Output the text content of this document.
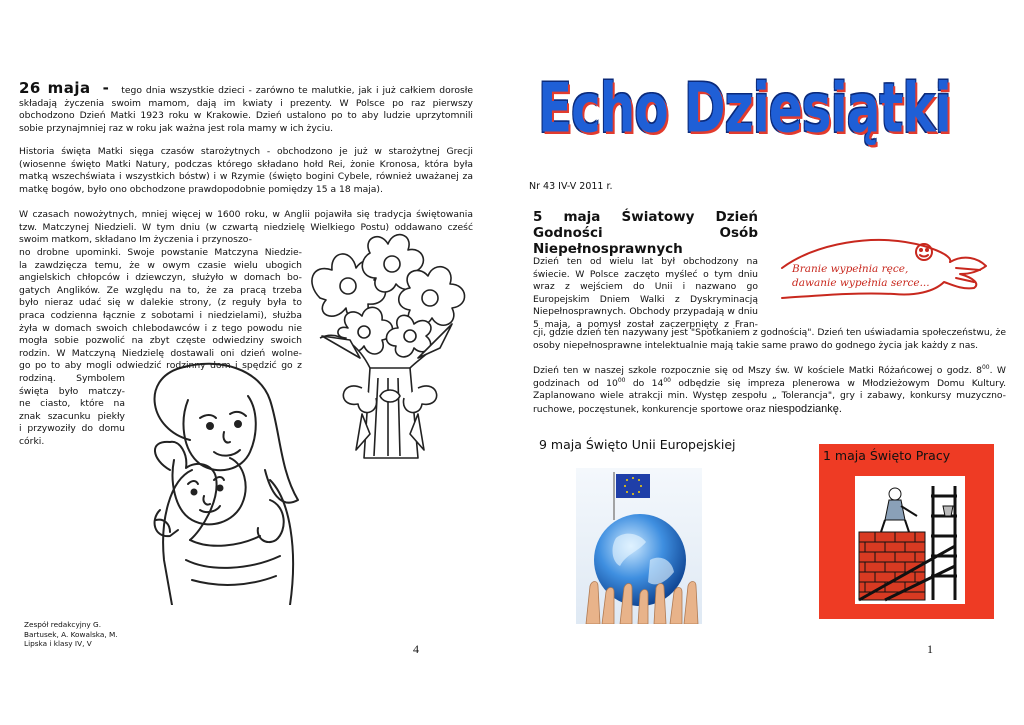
26 maja - tego dnia wszystkie dzieci - zarówno te malutkie, jak i już całkiem dorosłe składają życzenia swoim mamom, dają im kwiaty i prezenty. W Polsce po raz pierwszy obchodzono Dzień Matki 1923 roku w Krakowie. Dzień ustalono po to aby ludzie uprzytomnili sobie przynajmniej raz w roku jak ważna jest rola mamy w ich życiu.

Historia święta Matki sięga czasów starożytnych - obchodzono je już w starożytnej Grecji (wiosenne święto Matki Natury, podczas którego składano hołd Rei, żonie Kronosa, która była matką wszechświata i wszystkich bóstw) i w Rzymie (święto bogini Cybele, również uważanej za matkę bogów, było ono obchodzone prawdopodobnie pomiędzy 15 a 18 maja).

W czasach nowożytnych, mniej więcej w 1600 roku, w Anglii pojawiła się tradycja świętowania tzw. Matczynej Niedzieli. W tym dniu (w czwartą niedzielę Wielkiego Postu) oddawano cześć swoim matkom, składano Im życzenia i przynoszo-

no drobne upominki. Swoje powstanie Matczyna Niedzie-
la zawdzięcza temu, że w owym czasie wielu ubogich
angielskich chłopców i dziewczyn, służyło w domach bo-
gatych Anglików. Ze względu na to, że za pracą trzeba
było nieraz udać się w dalekie strony, (z reguły była to
praca codzienna łącznie z sobotami i niedzielami), służba
żyła w domach swoich chlebodawców i z tego powodu nie
mogła sobie pozwolić na zbyt częste odwiedziny swoich
rodzin. W Matczyną Niedzielę dostawali oni dzień wolne-
go po to aby mogli odwiedzić rodzinny dom i spędzić go z
rodziną. Symbolem
święta było matczy-
ne ciasto, które na
znak szacunku piekły
i przywoziły do domu
córki.
Zespół redakcyjny G.
Bartusek, A. Kowalska, M.
Lipska i klasy IV, V	4
Echo Dziesiątki
Nr 43 IV-V 2011 r.

5 maja Światowy Dzień Godności Osób Niepełnosprawnych

Dzień ten od wielu lat był obchodzony na świecie. W Polsce zaczęto myśleć o tym dniu wraz z wejściem do Unii i nazwano go Europejskim Dniem Walki z Dyskryminacją Niepełnosprawnych. Obchody przypadają w dniu 5 maja, a pomysł został zaczerpnięty z Fran-

Branie wypełnia ręce,
dawanie wypełnia serce...

cji, gdzie dzień ten nazywany jest "Spotkaniem z godnością". Dzień ten uświadamia społeczeństwu, że osoby niepełnosprawne intelektualnie mają takie same prawo do godnego życia jak każdy z nas.

Dzień ten w naszej szkole rozpocznie się od Mszy św. W kościele Matki Różańcowej o godz. $8^{00}$. W godzinach od $10^{00}$ do $14^{00}$ odbędzie się impreza plenerowa w Młodzieżowym Domu Kultury. Zaplanowano wiele atrakcji min. Występ zespołu „ Tolerancja", gry i zabawy, konkursy muzyczno-ruchowe, poczęstunek, konkurencje sportowe oraz niespodziankę.

9 maja Święto Unii Europejskiej
1 maja Święto Pracy
1
